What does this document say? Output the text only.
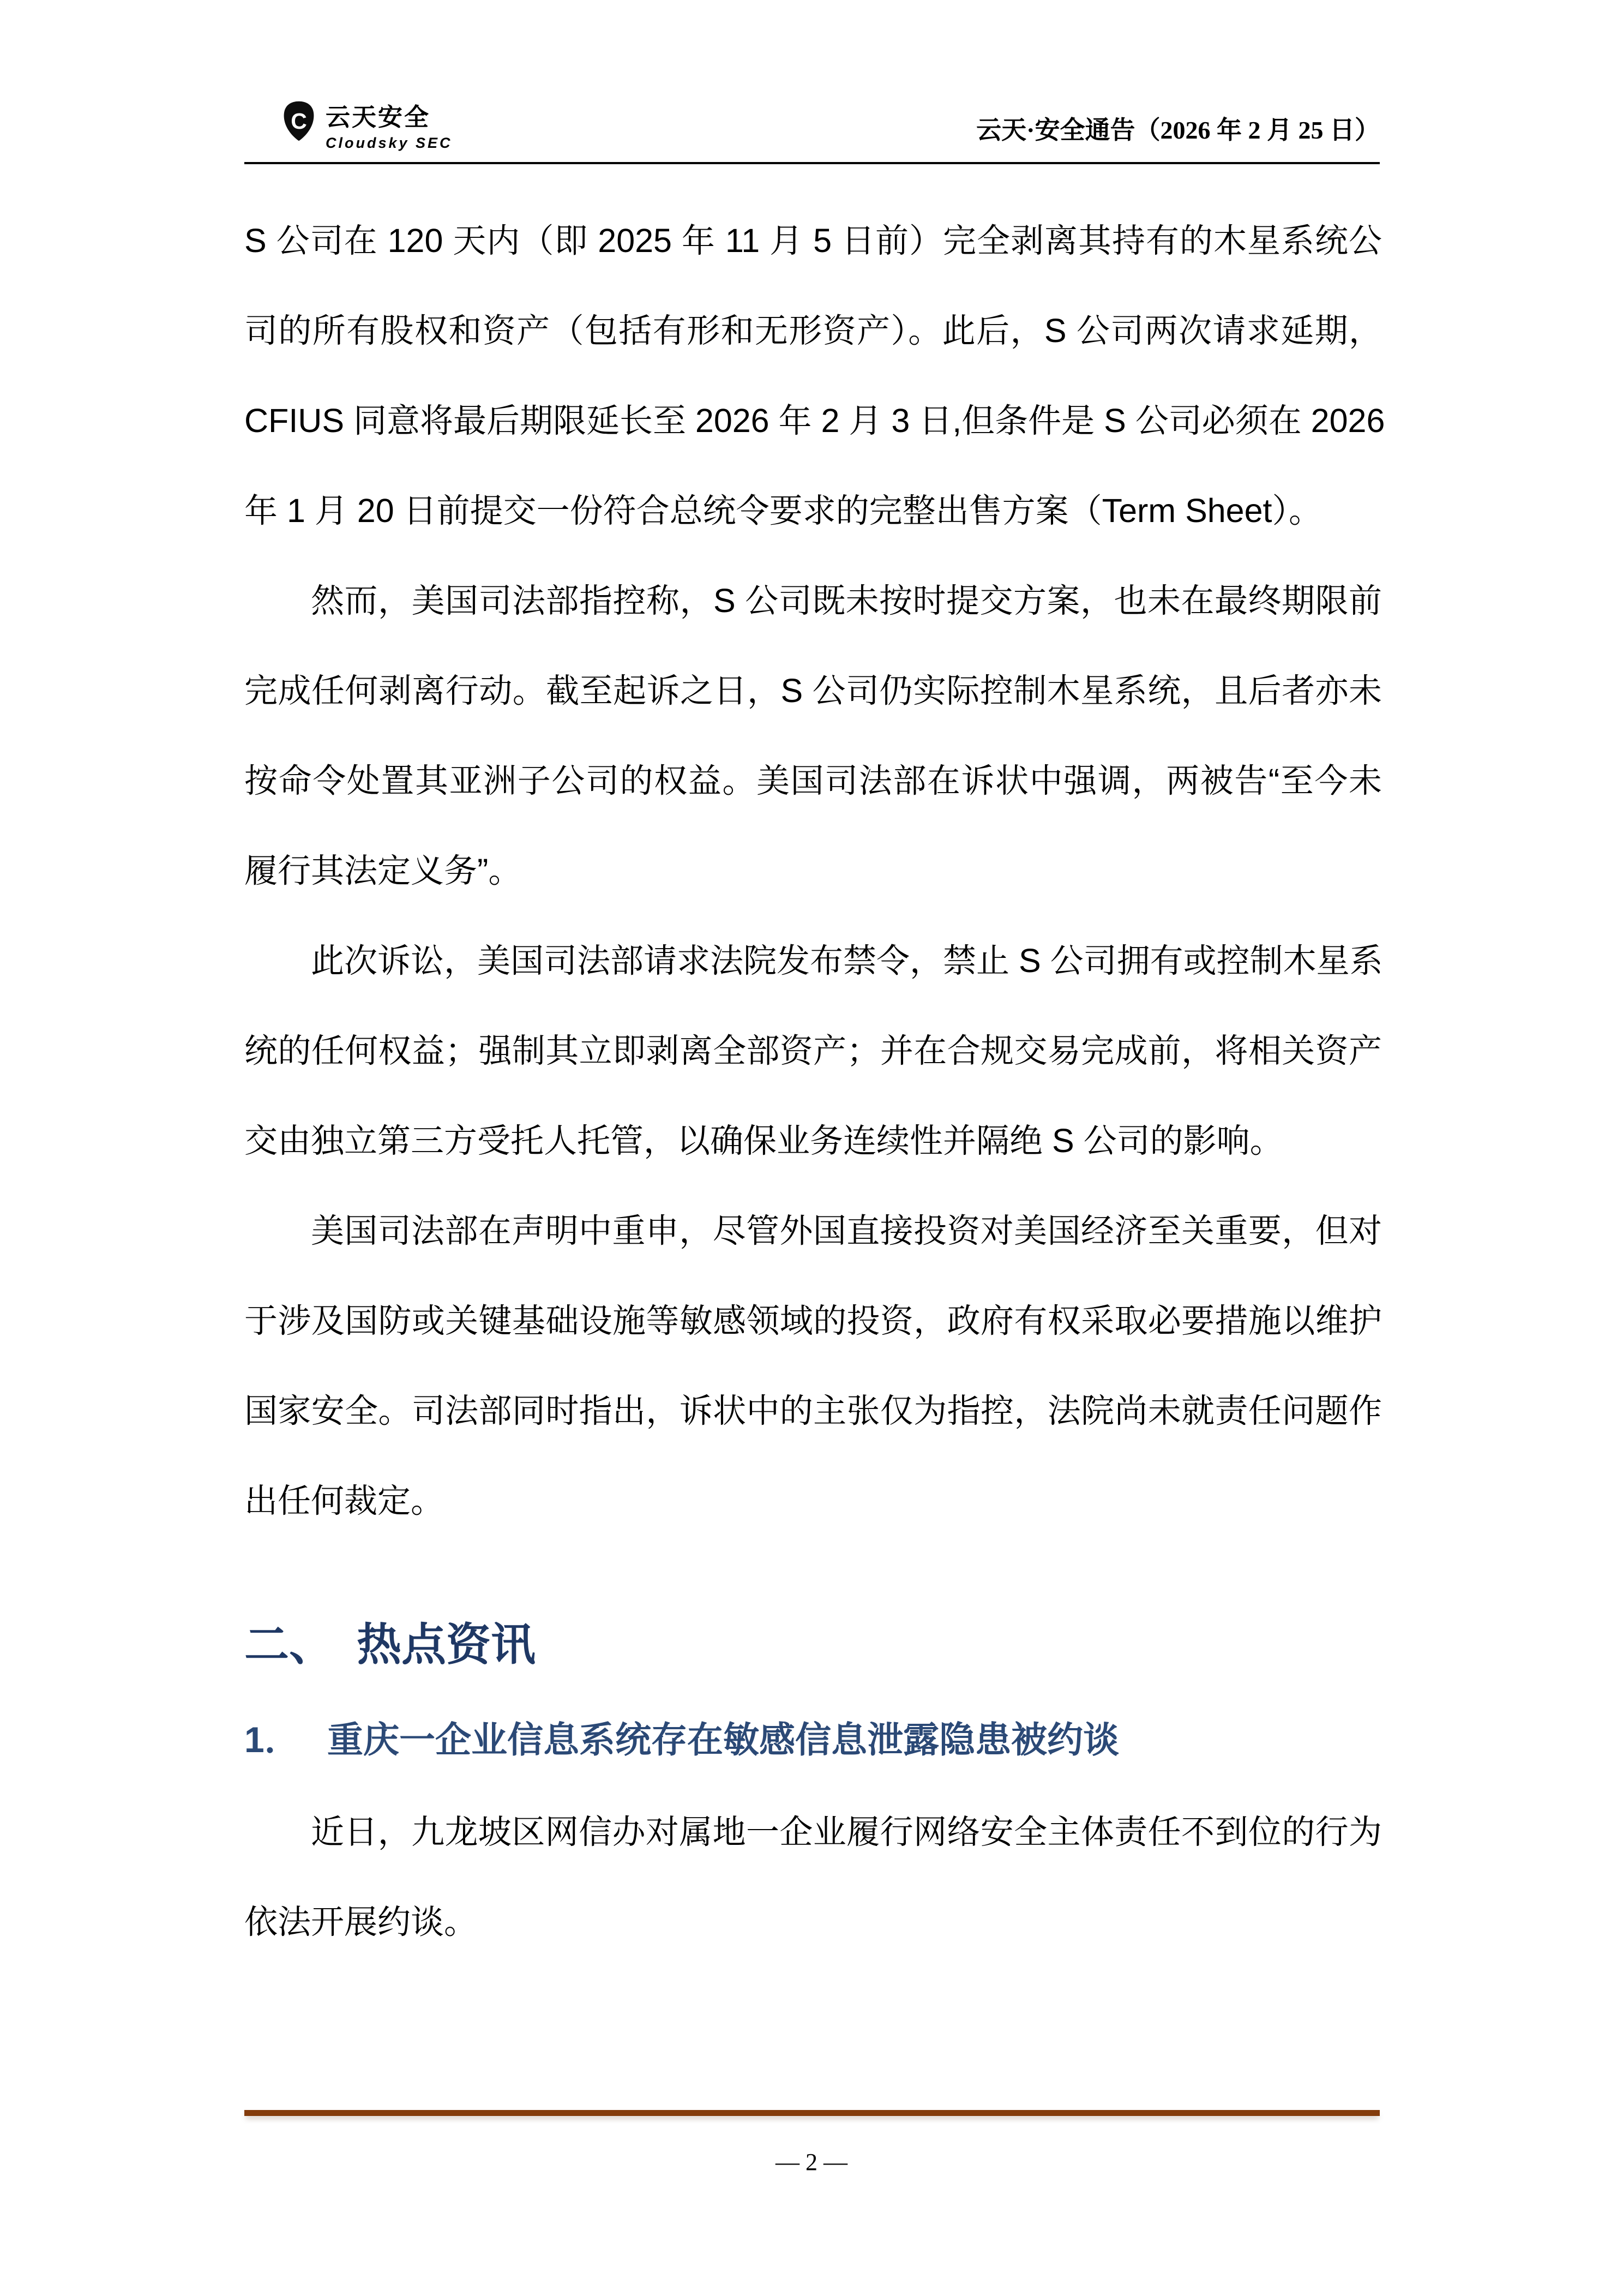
C 云天安全
Cloudsky SEC	云天·安全通告（2026 年 2 月 25 日）
S 公司在 120 天内（即 2025 年 11 月 5 日前）完全剥离其持有的木星系统公
司的所有股权和资产（包括有形和无形资产）。此后，S 公司两次请求延期，
CFIUS 同意将最后期限延长至 2026 年 2 月 3 日,但条件是 S 公司必须在 2026
年 1 月 20 日前提交一份符合总统令要求的完整出售方案（Term Sheet）。
然而，美国司法部指控称，S 公司既未按时提交方案，也未在最终期限前
完成任何剥离行动。截至起诉之日，S 公司仍实际控制木星系统，且后者亦未
按命令处置其亚洲子公司的权益。美国司法部在诉状中强调，两被告“至今未
履行其法定义务”。
此次诉讼，美国司法部请求法院发布禁令，禁止 S 公司拥有或控制木星系
统的任何权益；强制其立即剥离全部资产；并在合规交易完成前，将相关资产
交由独立第三方受托人托管，以确保业务连续性并隔绝 S 公司的影响。
美国司法部在声明中重申，尽管外国直接投资对美国经济至关重要，但对
于涉及国防或关键基础设施等敏感领域的投资，政府有权采取必要措施以维护
国家安全。司法部同时指出，诉状中的主张仅为指控，法院尚未就责任问题作
出任何裁定。
二、 热点资讯
1． 重庆一企业信息系统存在敏感信息泄露隐患被约谈
近日，九龙坡区网信办对属地一企业履行网络安全主体责任不到位的行为
依法开展约谈。
— 2 —
